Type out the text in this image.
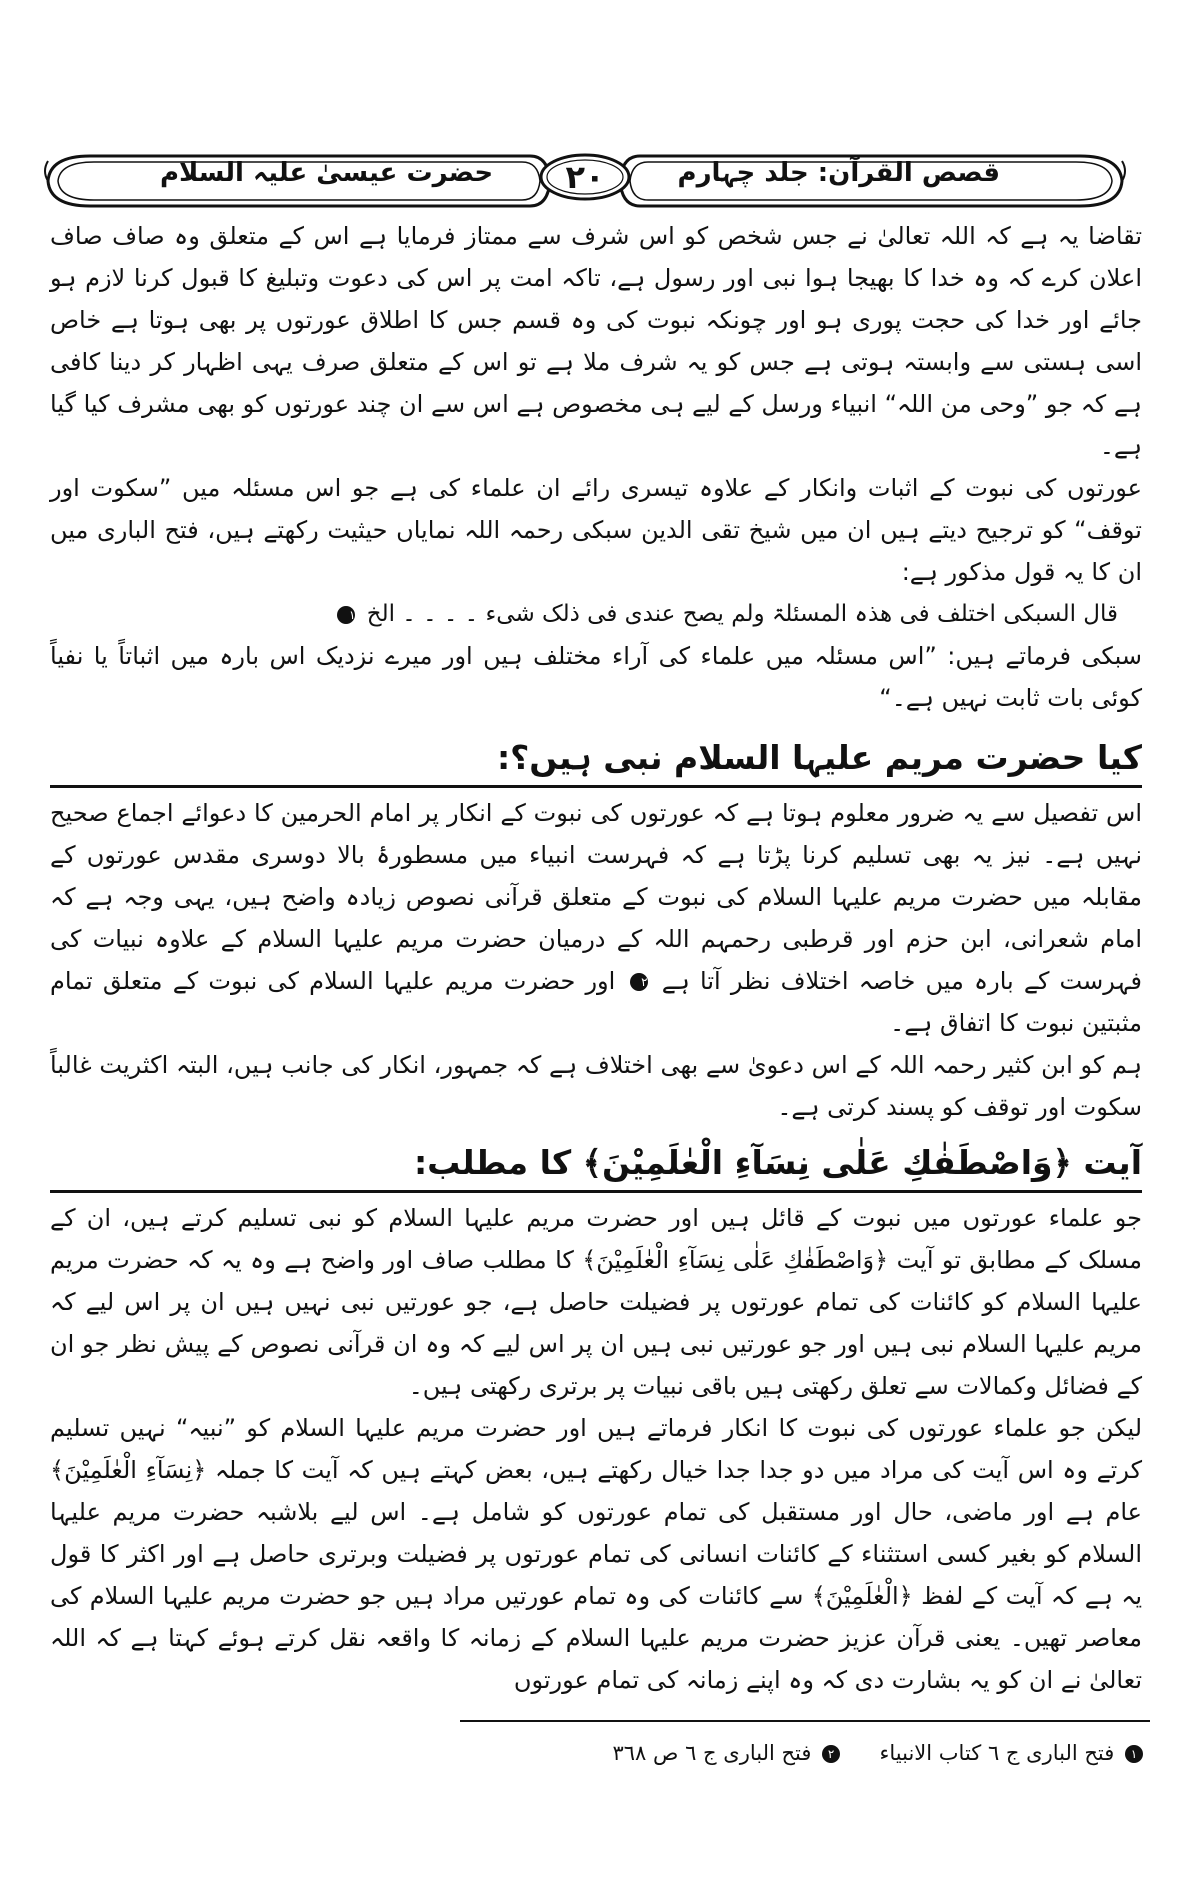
قصص القرآن: جلد چہارم
٢٠
حضرت عیسیٰ علیہ السلام

تقاضا یہ ہے کہ اللہ تعالیٰ نے جس شخص کو اس شرف سے ممتاز فرمایا ہے اس کے متعلق وہ صاف صاف اعلان کرے کہ وہ خدا کا بھیجا ہوا نبی اور رسول ہے، تاکہ امت پر اس کی دعوت وتبلیغ کا قبول کرنا لازم ہو جائے اور خدا کی حجت پوری ہو اور چونکہ نبوت کی وہ قسم جس کا اطلاق عورتوں پر بھی ہوتا ہے خاص اسی ہستی سے وابستہ ہوتی ہے جس کو یہ شرف ملا ہے تو اس کے متعلق صرف یہی اظہار کر دینا کافی ہے کہ جو ”وحی من اللہ“ انبیاء ورسل کے لیے ہی مخصوص ہے اس سے ان چند عورتوں کو بھی مشرف کیا گیا ہے۔

عورتوں کی نبوت کے اثبات وانکار کے علاوہ تیسری رائے ان علماء کی ہے جو اس مسئلہ میں ”سکوت اور توقف“ کو ترجیح دیتے ہیں ان میں شیخ تقی الدین سبکی رحمہ اللہ نمایاں حیثیت رکھتے ہیں، فتح الباری میں ان کا یہ قول مذکور ہے:

قال السبکی اختلف فی ھذہ المسئلۃ ولم یصح عندی فی ذلک شیء ۔ ۔ ۔ ۔ الخ ١

سبکی فرماتے ہیں: ”اس مسئلہ میں علماء کی آراء مختلف ہیں اور میرے نزدیک اس بارہ میں اثباتاً یا نفیاً کوئی بات ثابت نہیں ہے۔“

کیا حضرت مریم علیہا السلام نبی ہیں؟:

اس تفصیل سے یہ ضرور معلوم ہوتا ہے کہ عورتوں کی نبوت کے انکار پر امام الحرمین کا دعوائے اجماع صحیح نہیں ہے۔ نیز یہ بھی تسلیم کرنا پڑتا ہے کہ فہرست انبیاء میں مسطورۂ بالا دوسری مقدس عورتوں کے مقابلہ میں حضرت مریم علیہا السلام کی نبوت کے متعلق قرآنی نصوص زیادہ واضح ہیں، یہی وجہ ہے کہ امام شعرانی، ابن حزم اور قرطبی رحمہم اللہ کے درمیان حضرت مریم علیہا السلام کے علاوہ نبیات کی فہرست کے بارہ میں خاصہ اختلاف نظر آتا ہے ٢ اور حضرت مریم علیہا السلام کی نبوت کے متعلق تمام مثبتین نبوت کا اتفاق ہے۔

ہم کو ابن کثیر رحمہ اللہ کے اس دعویٰ سے بھی اختلاف ہے کہ جمہور، انکار کی جانب ہیں، البتہ اکثریت غالباً سکوت اور توقف کو پسند کرتی ہے۔

آیت ﴿وَاصْطَفٰكِ عَلٰی نِسَآءِ الْعٰلَمِیْنَ﴾ کا مطلب:

جو علماء عورتوں میں نبوت کے قائل ہیں اور حضرت مریم علیہا السلام کو نبی تسلیم کرتے ہیں، ان کے مسلک کے مطابق تو آیت ﴿وَاصْطَفٰكِ عَلٰی نِسَآءِ الْعٰلَمِیْنَ﴾ کا مطلب صاف اور واضح ہے وہ یہ کہ حضرت مریم علیہا السلام کو کائنات کی تمام عورتوں پر فضیلت حاصل ہے، جو عورتیں نبی نہیں ہیں ان پر اس لیے کہ مریم علیہا السلام نبی ہیں اور جو عورتیں نبی ہیں ان پر اس لیے کہ وہ ان قرآنی نصوص کے پیش نظر جو ان کے فضائل وکمالات سے تعلق رکھتی ہیں باقی نبیات پر برتری رکھتی ہیں۔

لیکن جو علماء عورتوں کی نبوت کا انکار فرماتے ہیں اور حضرت مریم علیہا السلام کو ”نبیہ“ نہیں تسلیم کرتے وہ اس آیت کی مراد میں دو جدا جدا خیال رکھتے ہیں، بعض کہتے ہیں کہ آیت کا جملہ ﴿نِسَآءِ الْعٰلَمِیْنَ﴾ عام ہے اور ماضی، حال اور مستقبل کی تمام عورتوں کو شامل ہے۔ اس لیے بلاشبہ حضرت مریم علیہا السلام کو بغیر کسی استثناء کے کائنات انسانی کی تمام عورتوں پر فضیلت وبرتری حاصل ہے اور اکثر کا قول یہ ہے کہ آیت کے لفظ ﴿الْعٰلَمِیْنَ﴾ سے کائنات کی وہ تمام عورتیں مراد ہیں جو حضرت مریم علیہا السلام کی معاصر تھیں۔ یعنی قرآن عزیز حضرت مریم علیہا السلام کے زمانہ کا واقعہ نقل کرتے ہوئے کہتا ہے کہ اللہ تعالیٰ نے ان کو یہ بشارت دی کہ وہ اپنے زمانہ کی تمام عورتوں

١ فتح الباری ج ٦ کتاب الانبیاء  ٢ فتح الباری ج ٦ ص ٣٦٨
